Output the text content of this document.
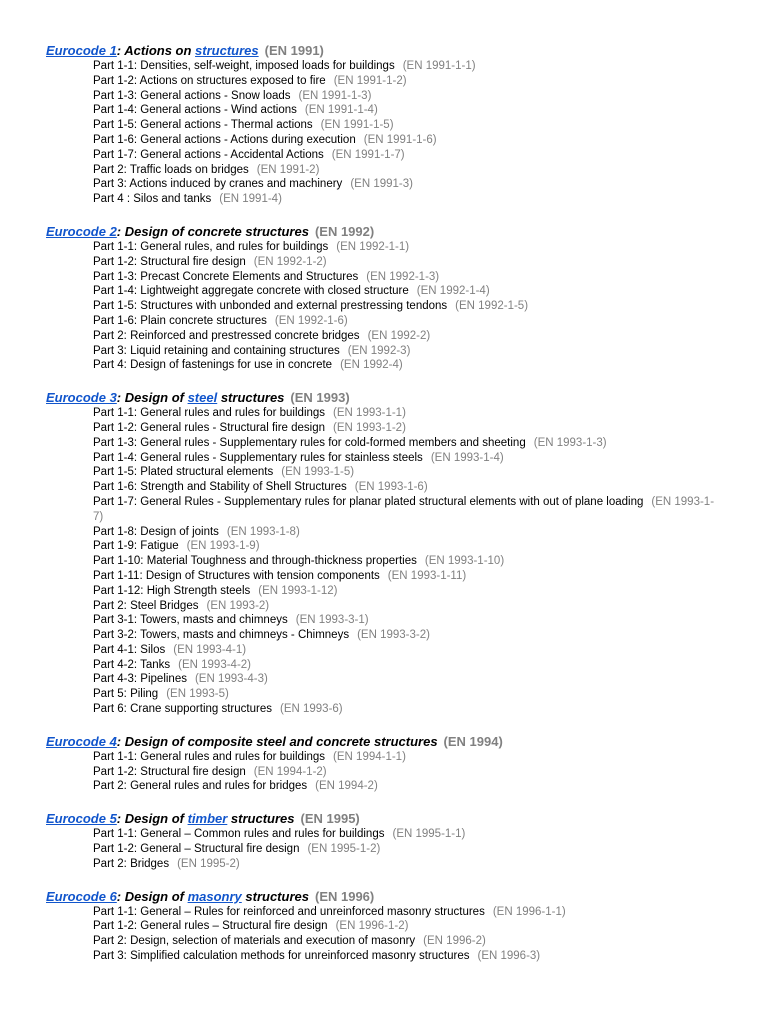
Eurocode 1: Actions on structures (EN 1991)
Part 1-1: Densities, self-weight, imposed loads for buildings (EN 1991-1-1)
Part 1-2: Actions on structures exposed to fire (EN 1991-1-2)
Part 1-3: General actions - Snow loads (EN 1991-1-3)
Part 1-4: General actions - Wind actions (EN 1991-1-4)
Part 1-5: General actions - Thermal actions (EN 1991-1-5)
Part 1-6: General actions - Actions during execution (EN 1991-1-6)
Part 1-7: General actions - Accidental Actions (EN 1991-1-7)
Part 2: Traffic loads on bridges (EN 1991-2)
Part 3: Actions induced by cranes and machinery (EN 1991-3)
Part 4 : Silos and tanks (EN 1991-4)
Eurocode 2: Design of concrete structures (EN 1992)
Part 1-1: General rules, and rules for buildings (EN 1992-1-1)
Part 1-2: Structural fire design (EN 1992-1-2)
Part 1-3: Precast Concrete Elements and Structures (EN 1992-1-3)
Part 1-4: Lightweight aggregate concrete with closed structure (EN 1992-1-4)
Part 1-5: Structures with unbonded and external prestressing tendons (EN 1992-1-5)
Part 1-6: Plain concrete structures (EN 1992-1-6)
Part 2: Reinforced and prestressed concrete bridges (EN 1992-2)
Part 3: Liquid retaining and containing structures (EN 1992-3)
Part 4: Design of fastenings for use in concrete (EN 1992-4)
Eurocode 3: Design of steel structures (EN 1993)
Part 1-1: General rules and rules for buildings (EN 1993-1-1)
Part 1-2: General rules - Structural fire design (EN 1993-1-2)
Part 1-3: General rules - Supplementary rules for cold-formed members and sheeting (EN 1993-1-3)
Part 1-4: General rules - Supplementary rules for stainless steels (EN 1993-1-4)
Part 1-5: Plated structural elements (EN 1993-1-5)
Part 1-6: Strength and Stability of Shell Structures (EN 1993-1-6)
Part 1-7: General Rules - Supplementary rules for planar plated structural elements with out of plane loading (EN 1993-1-7)
Part 1-8: Design of joints (EN 1993-1-8)
Part 1-9: Fatigue (EN 1993-1-9)
Part 1-10: Material Toughness and through-thickness properties (EN 1993-1-10)
Part 1-11: Design of Structures with tension components (EN 1993-1-11)
Part 1-12: High Strength steels (EN 1993-1-12)
Part 2: Steel Bridges (EN 1993-2)
Part 3-1: Towers, masts and chimneys (EN 1993-3-1)
Part 3-2: Towers, masts and chimneys - Chimneys (EN 1993-3-2)
Part 4-1: Silos (EN 1993-4-1)
Part 4-2: Tanks (EN 1993-4-2)
Part 4-3: Pipelines (EN 1993-4-3)
Part 5: Piling (EN 1993-5)
Part 6: Crane supporting structures (EN 1993-6)
Eurocode 4: Design of composite steel and concrete structures (EN 1994)
Part 1-1: General rules and rules for buildings (EN 1994-1-1)
Part 1-2: Structural fire design (EN 1994-1-2)
Part 2: General rules and rules for bridges (EN 1994-2)
Eurocode 5: Design of timber structures (EN 1995)
Part 1-1: General – Common rules and rules for buildings (EN 1995-1-1)
Part 1-2: General – Structural fire design (EN 1995-1-2)
Part 2: Bridges (EN 1995-2)
Eurocode 6: Design of masonry structures (EN 1996)
Part 1-1: General – Rules for reinforced and unreinforced masonry structures (EN 1996-1-1)
Part 1-2: General rules – Structural fire design (EN 1996-1-2)
Part 2: Design, selection of materials and execution of masonry (EN 1996-2)
Part 3: Simplified calculation methods for unreinforced masonry structures (EN 1996-3)
